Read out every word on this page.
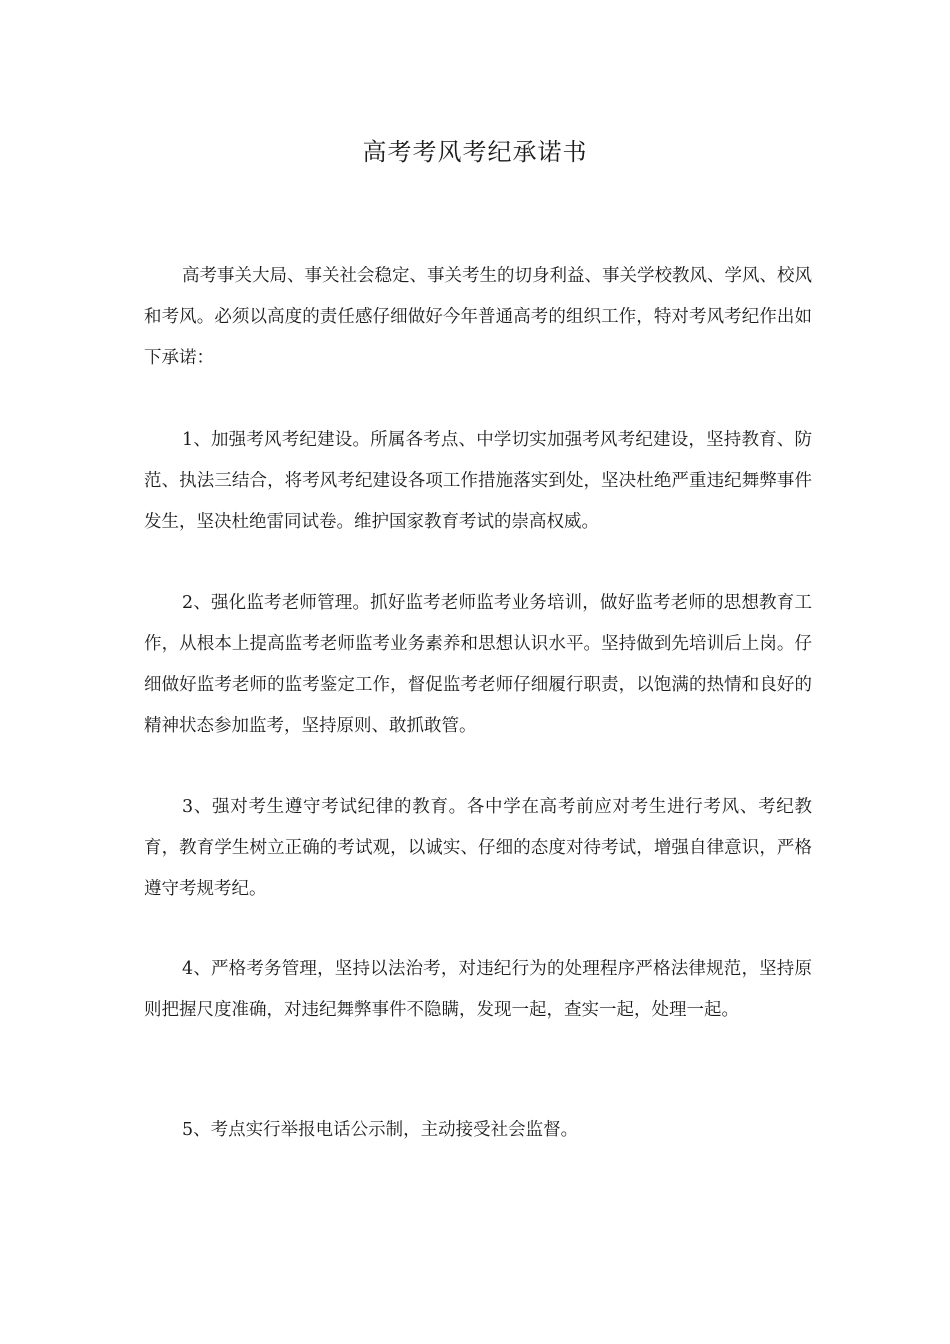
高考考风考纪承诺书

高考事关大局、事关社会稳定、事关考生的切身利益、事关学校教风、学风、校风和考风。必须以高度的责任感仔细做好今年普通高考的组织工作，特对考风考纪作出如下承诺：

1、加强考风考纪建设。所属各考点、中学切实加强考风考纪建设，坚持教育、防范、执法三结合，将考风考纪建设各项工作措施落实到处，坚决杜绝严重违纪舞弊事件发生，坚决杜绝雷同试卷。维护国家教育考试的崇高权威。

2、强化监考老师管理。抓好监考老师监考业务培训，做好监考老师的思想教育工作，从根本上提高监考老师监考业务素养和思想认识水平。坚持做到先培训后上岗。仔细做好监考老师的监考鉴定工作，督促监考老师仔细履行职责，以饱满的热情和良好的精神状态参加监考，坚持原则、敢抓敢管。

3、强对考生遵守考试纪律的教育。各中学在高考前应对考生进行考风、考纪教育，教育学生树立正确的考试观，以诚实、仔细的态度对待考试，增强自律意识，严格遵守考规考纪。

4、严格考务管理，坚持以法治考，对违纪行为的处理程序严格法律规范，坚持原则把握尺度准确，对违纪舞弊事件不隐瞒，发现一起，查实一起，处理一起。

5、考点实行举报电话公示制，主动接受社会监督。
